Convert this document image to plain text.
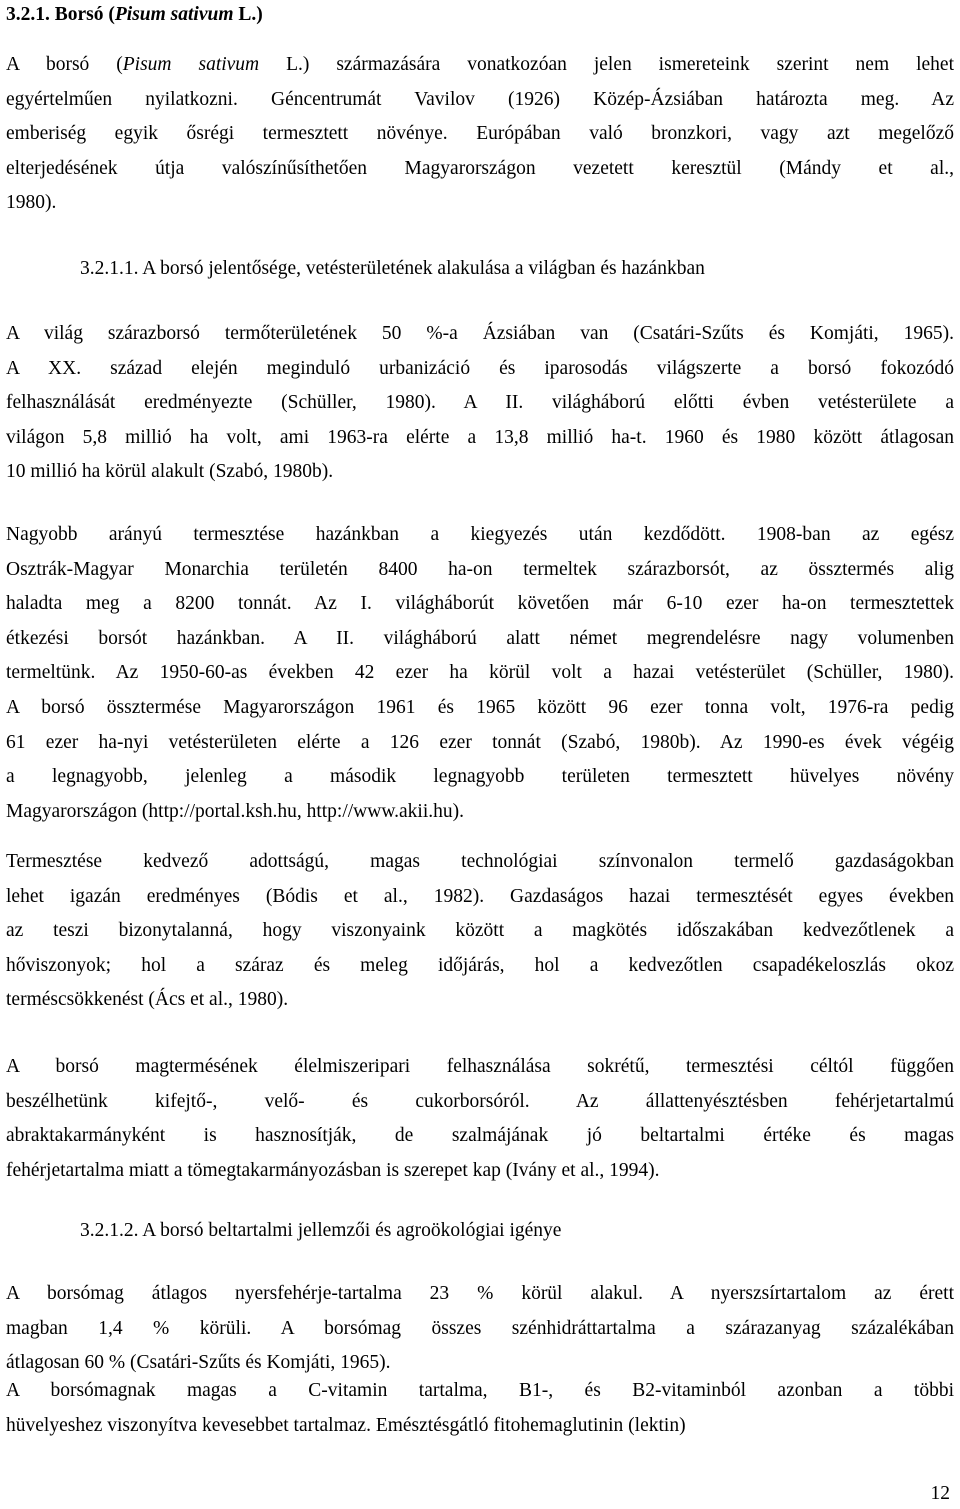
3.2.1. Borsó (Pisum sativum L.)
A borsó (Pisum sativum L.) származására vonatkozóan jelen ismereteink szerint nem lehet
egyértelműen nyilatkozni. Géncentrumát Vavilov (1926) Közép-Ázsiában határozta meg. Az
emberiség egyik ősrégi termesztett növénye. Európában való bronzkori, vagy azt megelőző
elterjedésének útja valószínűsíthetően Magyarországon vezetett keresztül (Mándy et al.,
1980).
3.2.1.1. A borsó jelentősége, vetésterületének alakulása a világban és hazánkban
A világ szárazborsó termőterületének 50 %-a Ázsiában van (Csatári-Szűts és Komjáti, 1965).
A XX. század elején meginduló urbanizáció és iparosodás világszerte a borsó fokozódó
felhasználását eredményezte (Schüller, 1980). A II. világháború előtti évben vetésterülete a
világon 5,8 millió ha volt, ami 1963-ra elérte a 13,8 millió ha-t. 1960 és 1980 között átlagosan
10 millió ha körül alakult (Szabó, 1980b).
Nagyobb arányú termesztése hazánkban a kiegyezés után kezdődött. 1908-ban az egész
Osztrák-Magyar Monarchia területén 8400 ha-on termeltek szárazborsót, az össztermés alig
haladta meg a 8200 tonnát. Az I. világháborút követően már 6-10 ezer ha-on termesztettek
étkezési borsót hazánkban. A II. világháború alatt német megrendelésre nagy volumenben
termeltünk. Az 1950-60-as években 42 ezer ha körül volt a hazai vetésterület (Schüller, 1980).
A borsó össztermése Magyarországon 1961 és 1965 között 96 ezer tonna volt, 1976-ra pedig
61 ezer ha-nyi vetésterületen elérte a 126 ezer tonnát (Szabó, 1980b). Az 1990-es évek végéig
a legnagyobb, jelenleg a második legnagyobb területen termesztett hüvelyes növény
Magyarországon (http://portal.ksh.hu, http://www.akii.hu).
Termesztése kedvező adottságú, magas technológiai színvonalon termelő gazdaságokban
lehet igazán eredményes (Bódis et al., 1982). Gazdaságos hazai termesztését egyes években
az teszi bizonytalanná, hogy viszonyaink között a magkötés időszakában kedvezőtlenek a
hőviszonyok; hol a száraz és meleg időjárás, hol a kedvezőtlen csapadékeloszlás okoz
terméscsökkenést (Ács et al., 1980).
A borsó magtermésének élelmiszeripari felhasználása sokrétű, termesztési céltól függően
beszélhetünk kifejtő-, velő- és cukorborsóról. Az állattenyésztésben fehérjetartalmú
abraktakarmányként is hasznosítják, de szalmájának jó beltartalmi értéke és magas
fehérjetartalma miatt a tömegtakarmányozásban is szerepet kap (Ivány et al., 1994).
3.2.1.2. A borsó beltartalmi jellemzői és agroökológiai igénye
A borsómag átlagos nyersfehérje-tartalma 23 % körül alakul. A nyerszsírtartalom az érett
magban 1,4 % körüli. A borsómag összes szénhidráttartalma a szárazanyag százalékában
átlagosan 60 % (Csatári-Szűts és Komjáti, 1965).
A borsómagnak magas a C-vitamin tartalma, B1-, és B2-vitaminból azonban a többi
hüvelyeshez viszonyítva kevesebbet tartalmaz. Emésztésgátló fitohemaglutinin (lektin)
12
